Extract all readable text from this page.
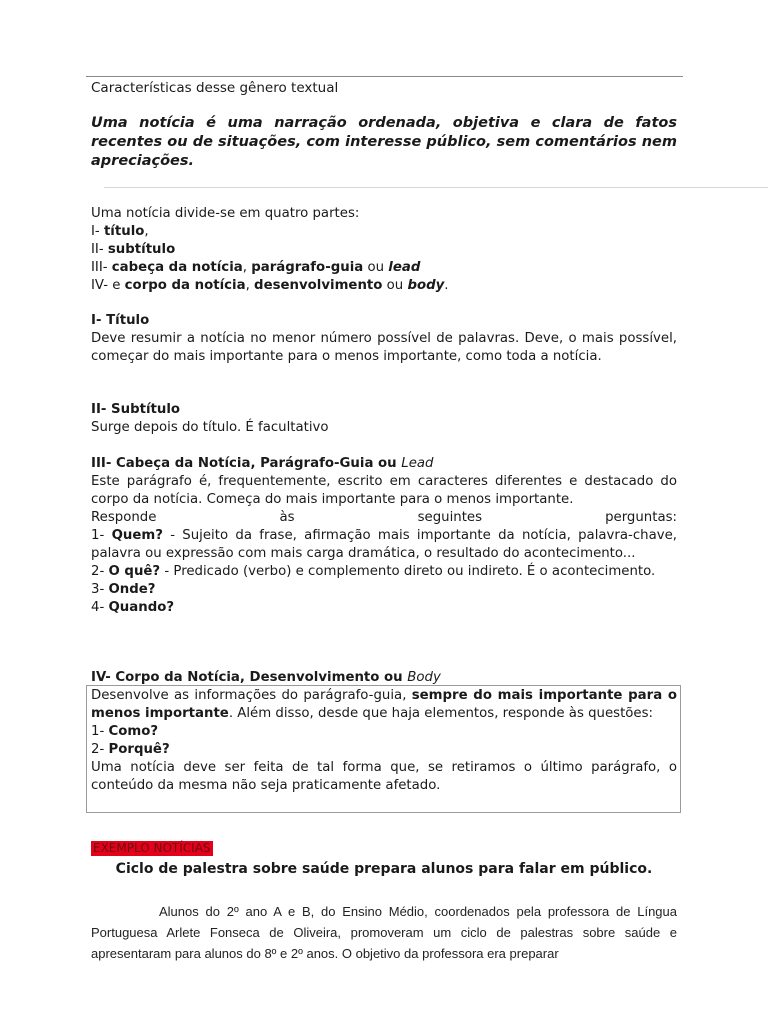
Características desse gênero textual
Uma notícia é uma narração ordenada, objetiva e clara de fatos recentes ou de situações, com interesse público, sem comentários nem apreciações.
Uma notícia divide-se em quatro partes:
I- título,
II- subtítulo
III- cabeça da notícia, parágrafo-guia ou lead
IV- e corpo da notícia, desenvolvimento ou body.
I- Título
Deve resumir a notícia no menor número possível de palavras. Deve, o mais possível, começar do mais importante para o menos importante, como toda a notícia.
II- Subtítulo
Surge depois do título. É facultativo
III- Cabeça da Notícia, Parágrafo-Guia ou Lead
Este parágrafo é, frequentemente, escrito em caracteres diferentes e destacado do corpo da notícia. Começa do mais importante para o menos importante.
Responde às seguintes perguntas:
1- Quem? - Sujeito da frase, afirmação mais importante da notícia, palavra-chave, palavra ou expressão com mais carga dramática, o resultado do acontecimento...
2- O quê? - Predicado (verbo) e complemento direto ou indireto. É o acontecimento.
3- Onde?
4- Quando?
IV- Corpo da Notícia, Desenvolvimento ou Body
Desenvolve as informações do parágrafo-guia, sempre do mais importante para o menos importante. Além disso, desde que haja elementos, responde às questões:
1- Como?
2- Porquê?
Uma notícia deve ser feita de tal forma que, se retiramos o último parágrafo, o conteúdo da mesma não seja praticamente afetado.
EXEMPLO NOTÍCIAS
Ciclo de palestra sobre saúde prepara alunos para falar em público.
Alunos do 2º ano A e B, do Ensino Médio, coordenados pela professora de Língua Portuguesa Arlete Fonseca de Oliveira, promoveram um ciclo de palestras sobre saúde e apresentaram para alunos do 8º e 2º anos. O objetivo da professora era preparar
